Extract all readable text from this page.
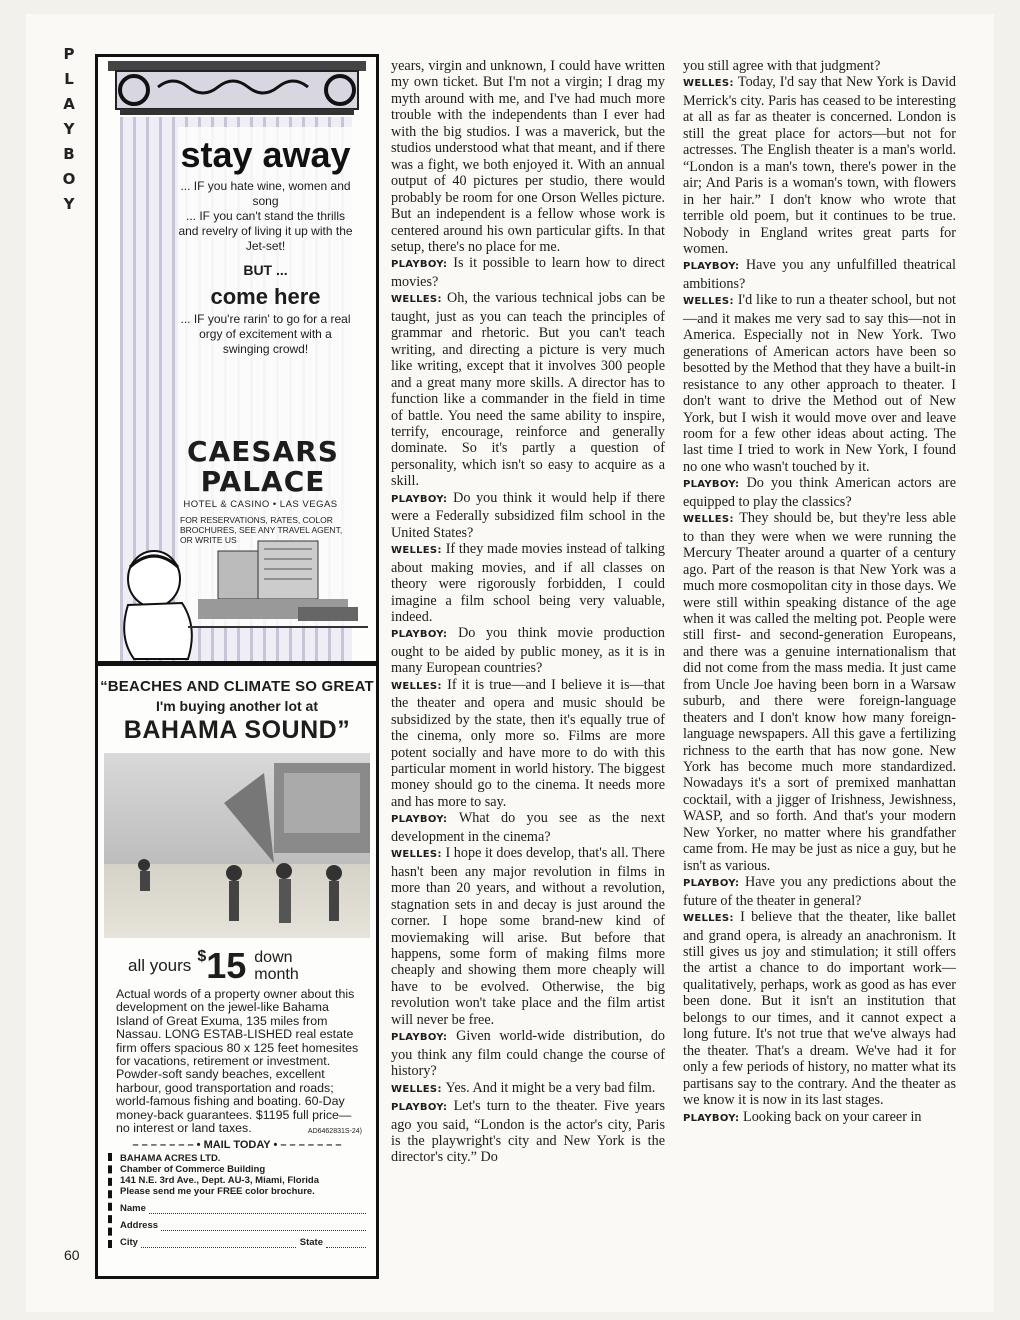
P
L
A
Y
B
O
Y
60
stay away
... IF you hate wine, women and song
... IF you can't stand the thrills and revelry of living it up with the Jet-set!
BUT ...
come here
... IF you're rarin' to go for a real orgy of excitement with a swinging crowd!
CAESARS
PALACE
HOTEL & CASINO • LAS VEGAS
FOR RESERVATIONS, RATES, COLOR BROCHURES, SEE ANY TRAVEL AGENT, OR WRITE US
“BEACHES AND CLIMATE SO GREAT
I'm buying another lot at
BAHAMA SOUND”
all yours $ 15 down
month
Actual words of a property owner about this development on the jewel-like Bahama Island of Great Exuma, 135 miles from Nassau. LONG ESTAB-LISHED real estate firm offers spacious 80 x 125 feet homesites for vacations, retirement or investment. Powder-soft sandy beaches, excellent harbour, good transportation and roads; world-famous fishing and boating. 60-Day money-back guarantees. $1195 full price—no interest or land taxes.	AD6462831S-24)
– – – – – – – • MAIL TODAY • – – – – – – –
BAHAMA ACRES LTD.
Chamber of Commerce Building
141 N.E. 3rd Ave., Dept. AU-3, Miami, Florida
Please send me your FREE color brochure.
Name
Address
City	State

years, virgin and unknown, I could have written my own ticket. But I'm not a virgin; I drag my myth around with me, and I've had much more trouble with the independents than I ever had with the big studios. I was a maverick, but the studios understood what that meant, and if there was a fight, we both enjoyed it. With an annual output of 40 pictures per studio, there would probably be room for one Orson Welles picture. But an independent is a fellow whose work is centered around his own particular gifts. In that setup, there's no place for me.

PLAYBOY: Is it possible to learn how to direct movies?

WELLES: Oh, the various technical jobs can be taught, just as you can teach the principles of grammar and rhetoric. But you can't teach writing, and directing a picture is very much like writing, except that it involves 300 people and a great many more skills. A director has to function like a commander in the field in time of battle. You need the same ability to inspire, terrify, encourage, reinforce and generally dominate. So it's partly a question of personality, which isn't so easy to acquire as a skill.

PLAYBOY: Do you think it would help if there were a Federally subsidized film school in the United States?

WELLES: If they made movies instead of talking about making movies, and if all classes on theory were rigorously forbidden, I could imagine a film school being very valuable, indeed.

PLAYBOY: Do you think movie production ought to be aided by public money, as it is in many European countries?

WELLES: If it is true—and I believe it is—that the theater and opera and music should be subsidized by the state, then it's equally true of the cinema, only more so. Films are more potent socially and have more to do with this particular moment in world history. The biggest money should go to the cinema. It needs more and has more to say.

PLAYBOY: What do you see as the next development in the cinema?

WELLES: I hope it does develop, that's all. There hasn't been any major revolution in films in more than 20 years, and without a revolution, stagnation sets in and decay is just around the corner. I hope some brand-new kind of moviemaking will arise. But before that happens, some form of making films more cheaply and showing them more cheaply will have to be evolved. Otherwise, the big revolution won't take place and the film artist will never be free.

PLAYBOY: Given world-wide distribution, do you think any film could change the course of history?

WELLES: Yes. And it might be a very bad film.

PLAYBOY: Let's turn to the theater. Five years ago you said, “London is the actor's city, Paris is the playwright's city and New York is the director's city.” Do

you still agree with that judgment?

WELLES: Today, I'd say that New York is David Merrick's city. Paris has ceased to be interesting at all as far as theater is concerned. London is still the great place for actors—but not for actresses. The English theater is a man's world. “London is a man's town, there's power in the air; And Paris is a woman's town, with flowers in her hair.” I don't know who wrote that terrible old poem, but it continues to be true. Nobody in England writes great parts for women.

PLAYBOY: Have you any unfulfilled theatrical ambitions?

WELLES: I'd like to run a theater school, but not—and it makes me very sad to say this—not in America. Especially not in New York. Two generations of American actors have been so besotted by the Method that they have a built-in resistance to any other approach to theater. I don't want to drive the Method out of New York, but I wish it would move over and leave room for a few other ideas about acting. The last time I tried to work in New York, I found no one who wasn't touched by it.

PLAYBOY: Do you think American actors are equipped to play the classics?

WELLES: They should be, but they're less able to than they were when we were running the Mercury Theater around a quarter of a century ago. Part of the reason is that New York was a much more cosmopolitan city in those days. We were still within speaking distance of the age when it was called the melting pot. People were still first- and second-generation Europeans, and there was a genuine internationalism that did not come from the mass media. It just came from Uncle Joe having been born in a Warsaw suburb, and there were foreign-language theaters and I don't know how many foreign-language newspapers. All this gave a fertilizing richness to the earth that has now gone. New York has become much more standardized. Nowadays it's a sort of premixed manhattan cocktail, with a jigger of Irishness, Jewishness, WASP, and so forth. And that's your modern New Yorker, no matter where his grandfather came from. He may be just as nice a guy, but he isn't as various.

PLAYBOY: Have you any predictions about the future of the theater in general?

WELLES: I believe that the theater, like ballet and grand opera, is already an anachronism. It still gives us joy and stimulation; it still offers the artist a chance to do important work—qualitatively, perhaps, work as good as has ever been done. But it isn't an institution that belongs to our times, and it cannot expect a long future. It's not true that we've always had the theater. That's a dream. We've had it for only a few periods of history, no matter what its partisans say to the contrary. And the theater as we know it is now in its last stages.

PLAYBOY: Looking back on your career in
